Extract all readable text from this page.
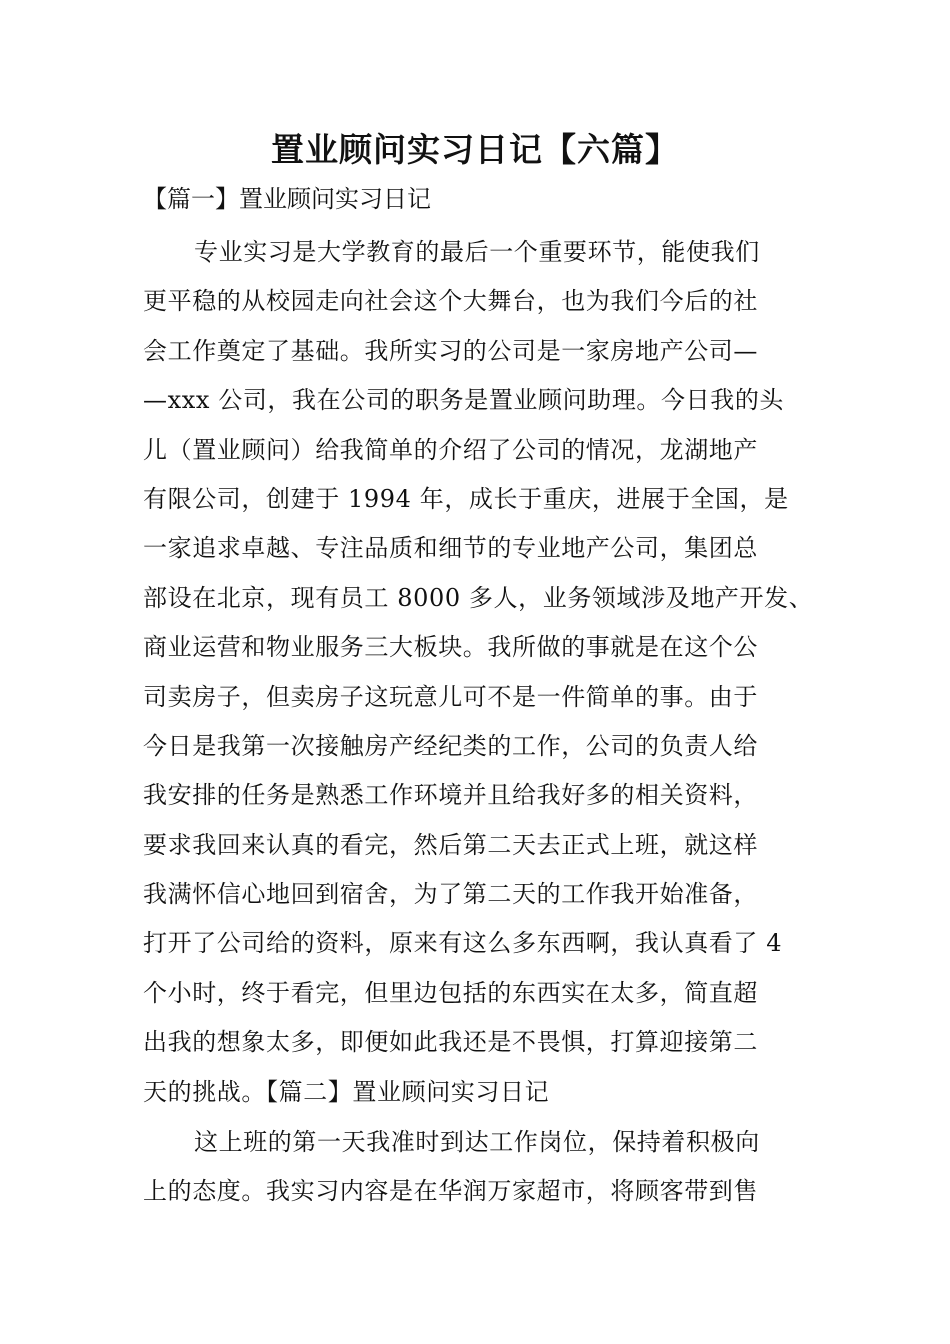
置业顾问实习日记【六篇】
【篇一】置业顾问实习日记
专业实习是大学教育的最后一个重要环节，能使我们
更平稳的从校园走向社会这个大舞台，也为我们今后的社
会工作奠定了基础。我所实习的公司是一家房地产公司—
—xxx 公司，我在公司的职务是置业顾问助理。今日我的头
儿（置业顾问）给我简单的介绍了公司的情况，龙湖地产
有限公司，创建于 1994 年，成长于重庆，进展于全国，是
一家追求卓越、专注品质和细节的专业地产公司，集团总
部设在北京，现有员工 8000 多人，业务领域涉及地产开发、
商业运营和物业服务三大板块。我所做的事就是在这个公
司卖房子，但卖房子这玩意儿可不是一件简单的事。由于
今日是我第一次接触房产经纪类的工作，公司的负责人给
我安排的任务是熟悉工作环境并且给我好多的相关资料，
要求我回来认真的看完，然后第二天去正式上班，就这样
我满怀信心地回到宿舍，为了第二天的工作我开始准备，
打开了公司给的资料，原来有这么多东西啊，我认真看了 4
个小时，终于看完，但里边包括的东西实在太多，简直超
出我的想象太多，即便如此我还是不畏惧，打算迎接第二
天的挑战。【篇二】置业顾问实习日记
这上班的第一天我准时到达工作岗位，保持着积极向
上的态度。我实习内容是在华润万家超市，将顾客带到售
